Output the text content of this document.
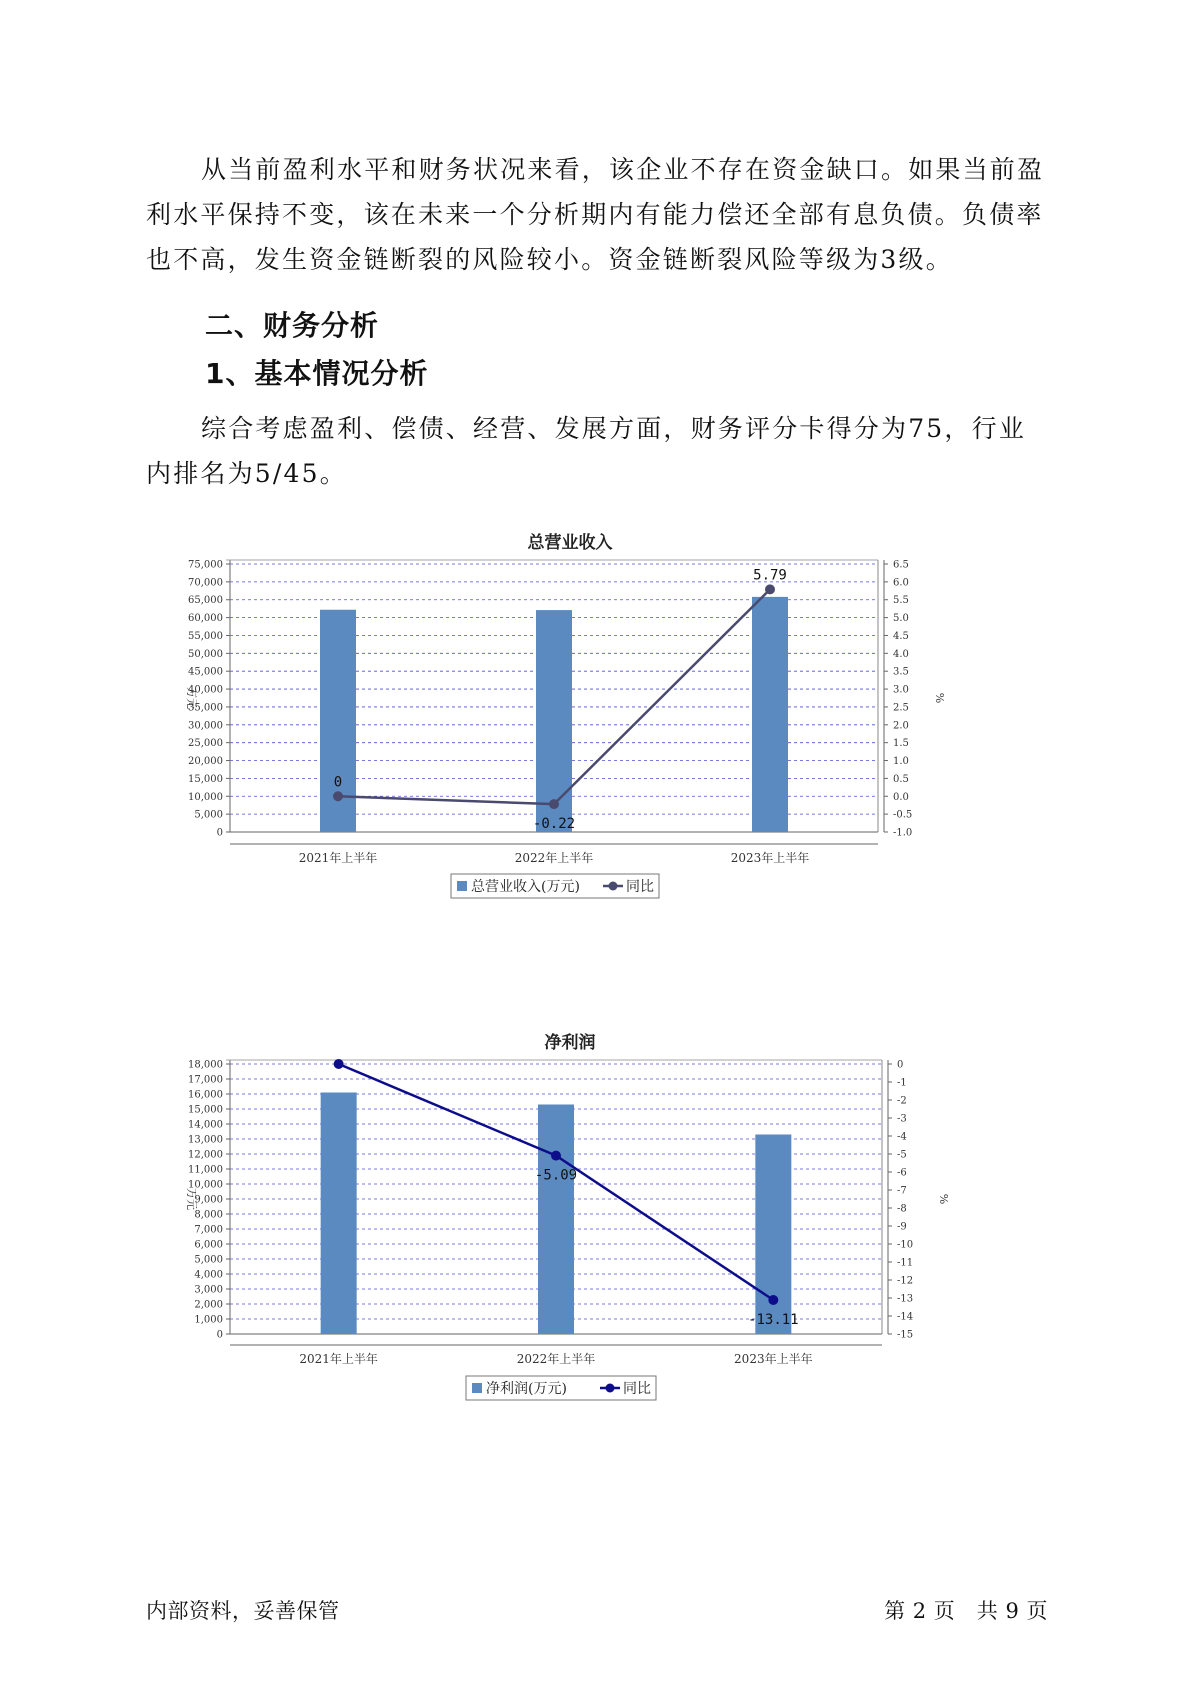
从当前盈利水平和财务状况来看，该企业不存在资金缺口。如果当前盈利水平保持不变，该在未来一个分析期内有能力偿还全部有息负债。负债率也不高，发生资金链断裂的风险较小。资金链断裂风险等级为3级。

二、财务分析
1、基本情况分析

综合考虑盈利、偿债、经营、发展方面，财务评分卡得分为75，行业内排名为5/45。

总营业收入
0
5,000
10,000
15,000
20,000
25,000
30,000
35,000
40,000
45,000
50,000
55,000
60,000
65,000
70,000
75,000
-1.0
-0.5
0.0
0.5
1.0
1.5
2.0
2.5
3.0
3.5
4.0
4.5
5.0
5.5
6.0
6.5
万元	%
2021年上半年	2022年上半年	2023年上半年
0
-0.22
5.79
总营业收入(万元)	同比
净利润
0
1,000
2,000
3,000
4,000
5,000
6,000
7,000
8,000
9,000
10,000
11,000
12,000
13,000
14,000
15,000
16,000
17,000
18,000
-15
-14
-13
-12
-11
-10
-9
-8
-7
-6
-5
-4
-3
-2
-1
0
万元	%
2021年上半年	2022年上半年	2023年上半年
-5.09
-13.11
净利润(万元)	同比
内部资料，妥善保管	第 2 页　共 9 页
